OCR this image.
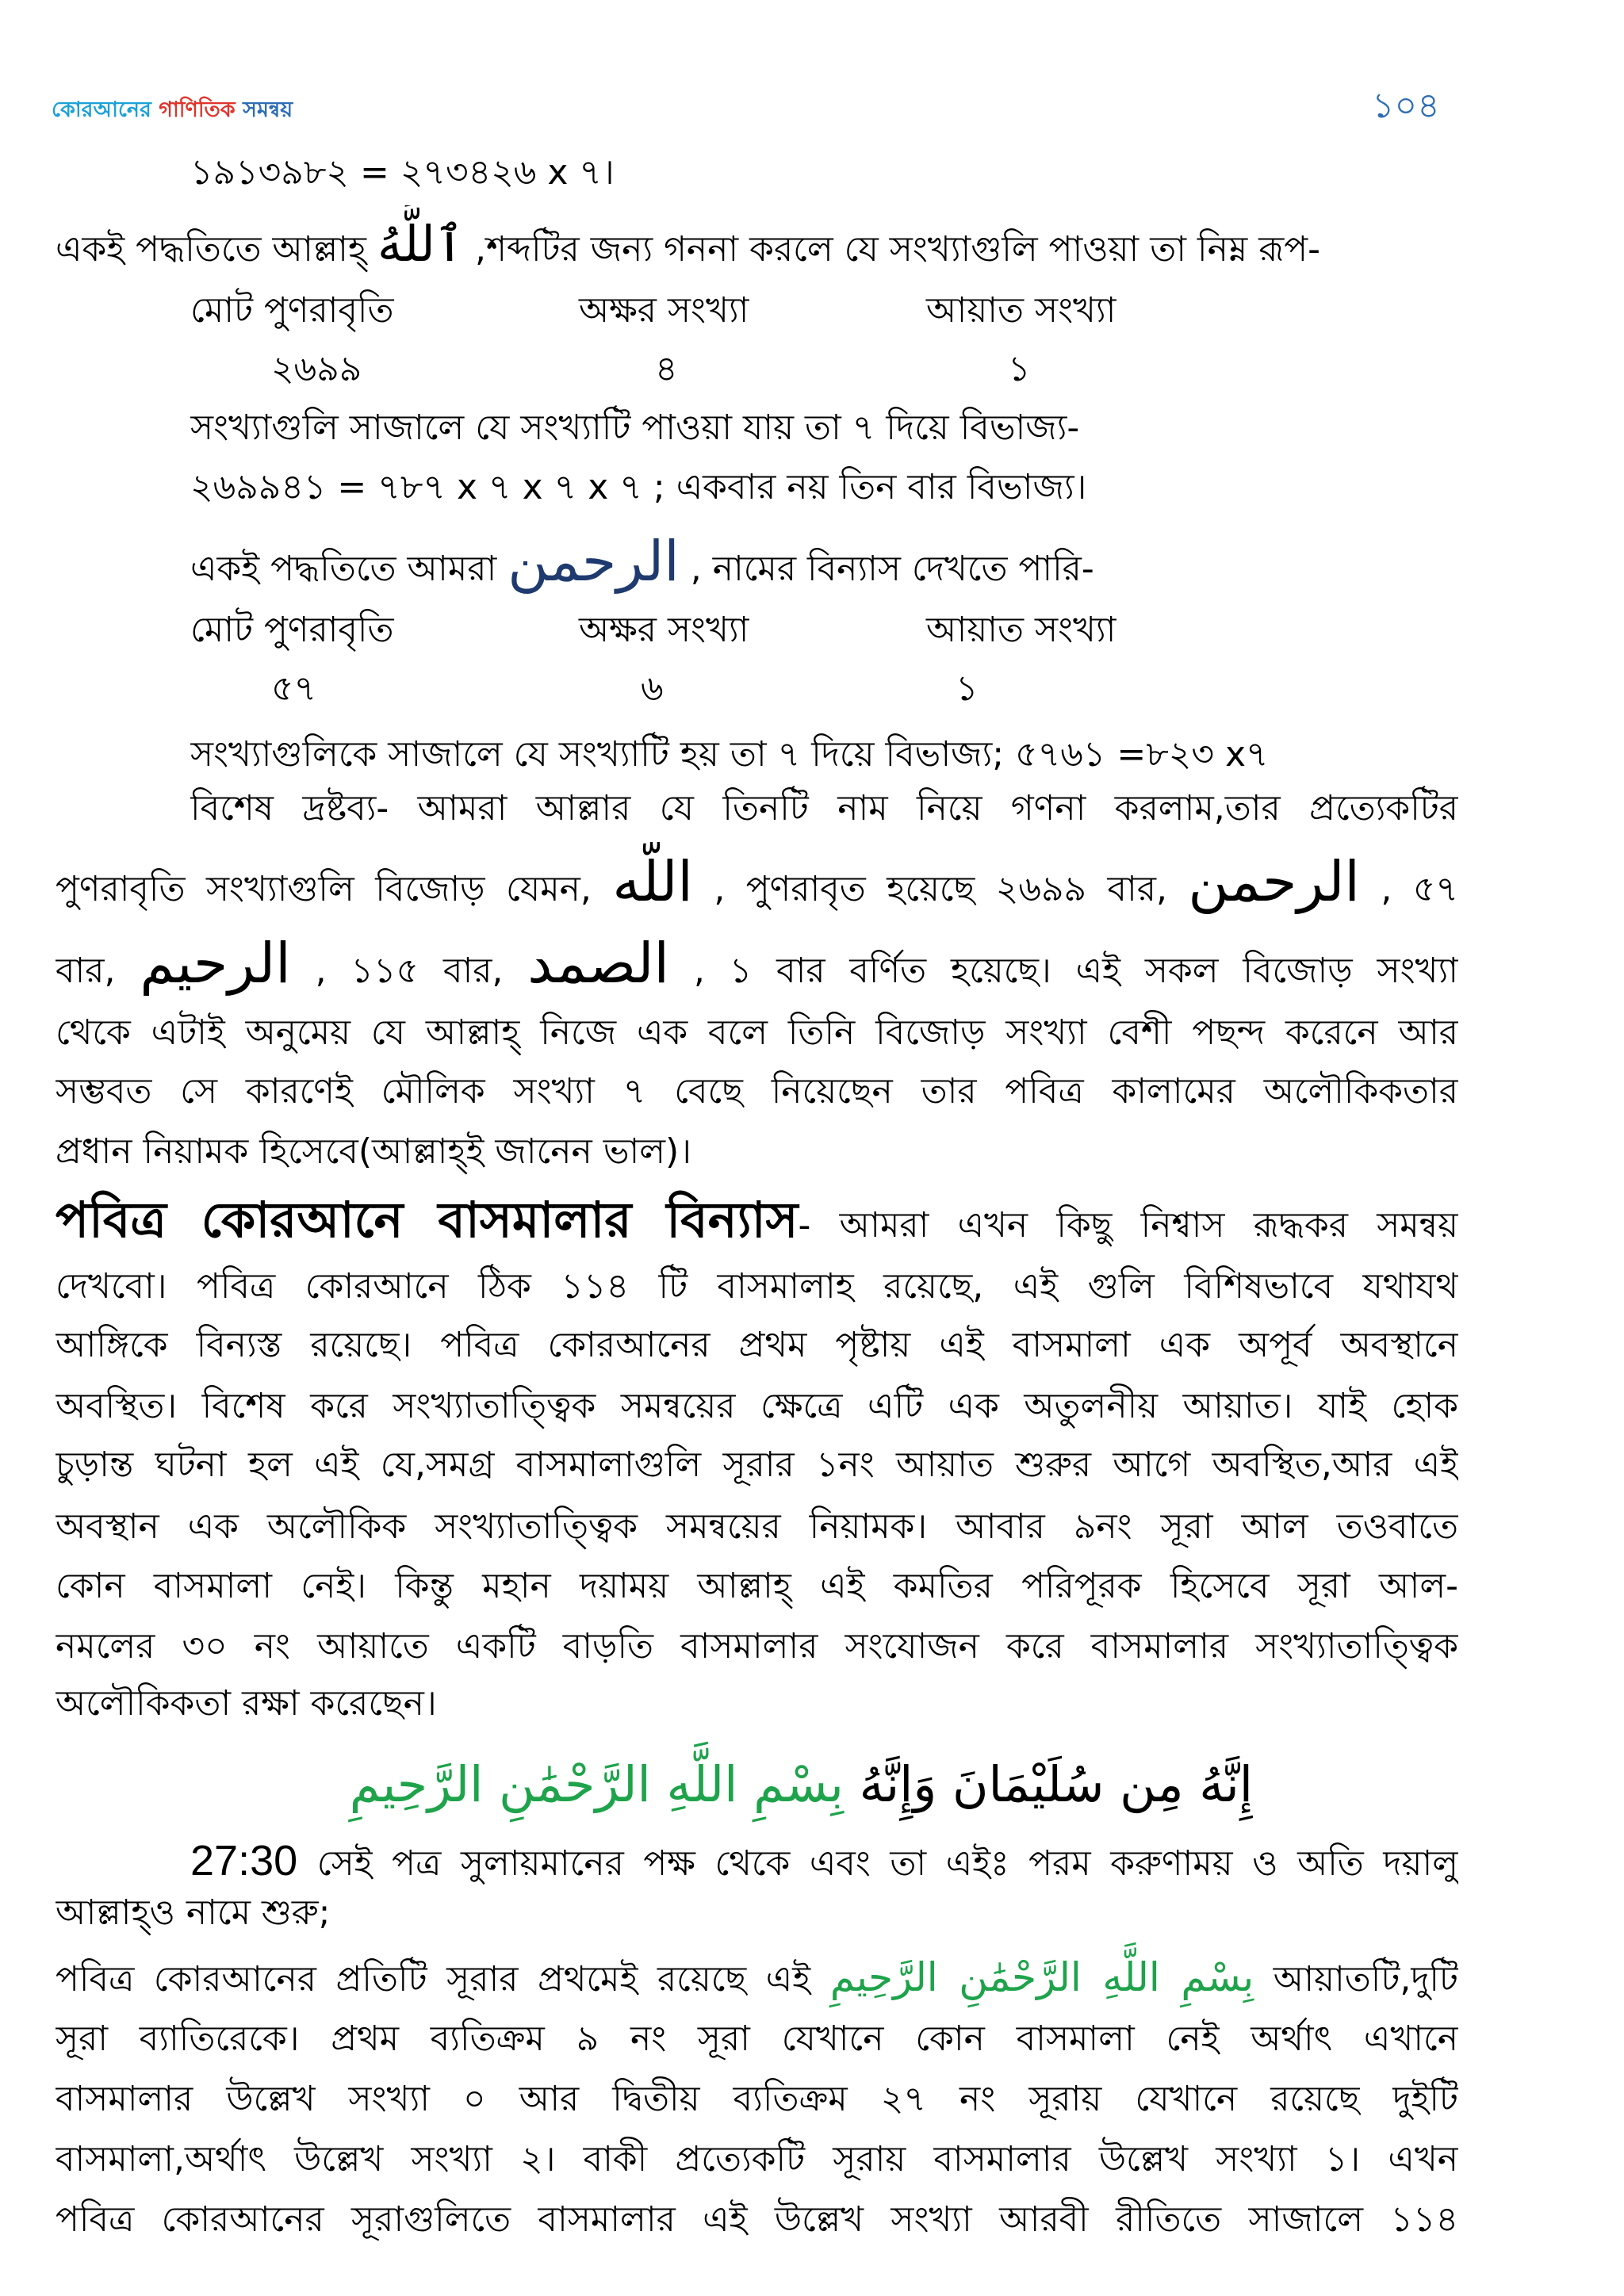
কোরআনের গাণিতিক সমন্বয়	১০৪
১৯১৩৯৮২ = ২৭৩৪২৬ x ৭।
একই পদ্ধতিতে আল্লাহ্ ٱللَّهُ ,শব্দটির জন্য গননা করলে যে সংখ্যাগুলি পাওয়া তা নিম্ন রূপ-
মোট পুণরাবৃতি	অক্ষর সংখ্যা	আয়াত সংখ্যা
২৬৯৯	৪	১
সংখ্যাগুলি সাজালে যে সংখ্যাটি পাওয়া যায় তা ৭ দিয়ে বিভাজ্য-
২৬৯৯৪১ = ৭৮৭ x ৭ x ৭ x ৭ ; একবার নয় তিন বার বিভাজ্য।
একই পদ্ধতিতে আমরা الرحمن , নামের বিন্যাস দেখতে পারি-
মোট পুণরাবৃতি	অক্ষর সংখ্যা	আয়াত সংখ্যা
৫৭	৬	১
সংখ্যাগুলিকে সাজালে যে সংখ্যাটি হয় তা ৭ দিয়ে বিভাজ্য; ৫৭৬১ =৮২৩ x৭
বিশেষ দ্রষ্টব্য- আমরা আল্লার যে তিনটি নাম নিয়ে গণনা করলাম,তার প্রত্যেকটির
পুণরাবৃতি সংখ্যাগুলি বিজোড় যেমন, اللّه , পুণরাবৃত হয়েছে ২৬৯৯ বার, الرحمن , ৫৭
বার, الرحيم , ১১৫ বার, الصمد , ১ বার বর্ণিত হয়েছে। এই সকল বিজোড় সংখ্যা
থেকে এটাই অনুমেয় যে আল্লাহ্ নিজে এক বলে তিনি বিজোড় সংখ্যা বেশী পছন্দ করেনে আর
সম্ভবত সে কারণেই মৌলিক সংখ্যা ৭ বেছে নিয়েছেন তার পবিত্র কালামের অলৌকিকতার
প্রধান নিয়ামক হিসেবে(আল্লাহ্ই জানেন ভাল)।
পবিত্র কোরআনে বাসমালার বিন্যাস- আমরা এখন কিছু নিশ্বাস রূদ্ধকর সমন্বয়
দেখবো। পবিত্র কোরআনে ঠিক ১১৪ টি বাসমালাহ রয়েছে, এই গুলি বিশিষভাবে যথাযথ
আঙ্গিকে বিন্যস্ত রয়েছে। পবিত্র কোরআনের প্রথম পৃষ্টায় এই বাসমালা এক অপূর্ব অবস্থানে
অবস্থিত। বিশেষ করে সংখ্যাতাত্ত্বিক সমন্বয়ের ক্ষেত্রে এটি এক অতুলনীয় আয়াত। যাই হোক
চুড়ান্ত ঘটনা হল এই যে,সমগ্র বাসমালাগুলি সূরার ১নং আয়াত শুরুর আগে অবস্থিত,আর এই
অবস্থান এক অলৌকিক সংখ্যাতাত্ত্বিক সমন্বয়ের নিয়ামক। আবার ৯নং সূরা আল তওবাতে
কোন বাসমালা নেই। কিন্তু মহান দয়াময় আল্লাহ্ এই কমতির পরিপূরক হিসেবে সূরা আল-
নমলের ৩০ নং আয়াতে একটি বাড়তি বাসমালার সংযোজন করে বাসমালার সংখ্যাতাত্ত্বিক
অলৌকিকতা রক্ষা করেছেন।
إِنَّهُ مِن سُلَيْمَانَ وَإِنَّهُ بِسْمِ اللَّهِ الرَّحْمَٰنِ الرَّحِيمِ
27:30 সেই পত্র সুলায়মানের পক্ষ থেকে এবং তা এইঃ পরম করুণাময় ও অতি দয়ালু
আল্লাহ্ও নামে শুরু;
পবিত্র কোরআনের প্রতিটি সূরার প্রথমেই রয়েছে এই بِسْمِ اللَّهِ الرَّحْمَٰنِ الرَّحِيمِ আয়াতটি,দুটি
সূরা ব্যাতিরেকে। প্রথম ব্যতিক্রম ৯ নং সূরা যেখানে কোন বাসমালা নেই অর্থাৎ এখানে
বাসমালার উল্লেখ সংখ্যা ০ আর দ্বিতীয় ব্যতিক্রম ২৭ নং সূরায় যেখানে রয়েছে দুইটি
বাসমালা,অর্থাৎ উল্লেখ সংখ্যা ২। বাকী প্রত্যেকটি সূরায় বাসমালার উল্লেখ সংখ্যা ১। এখন
পবিত্র কোরআনের সূরাগুলিতে বাসমালার এই উল্লেখ সংখ্যা আরবী রীতিতে সাজালে ১১৪
